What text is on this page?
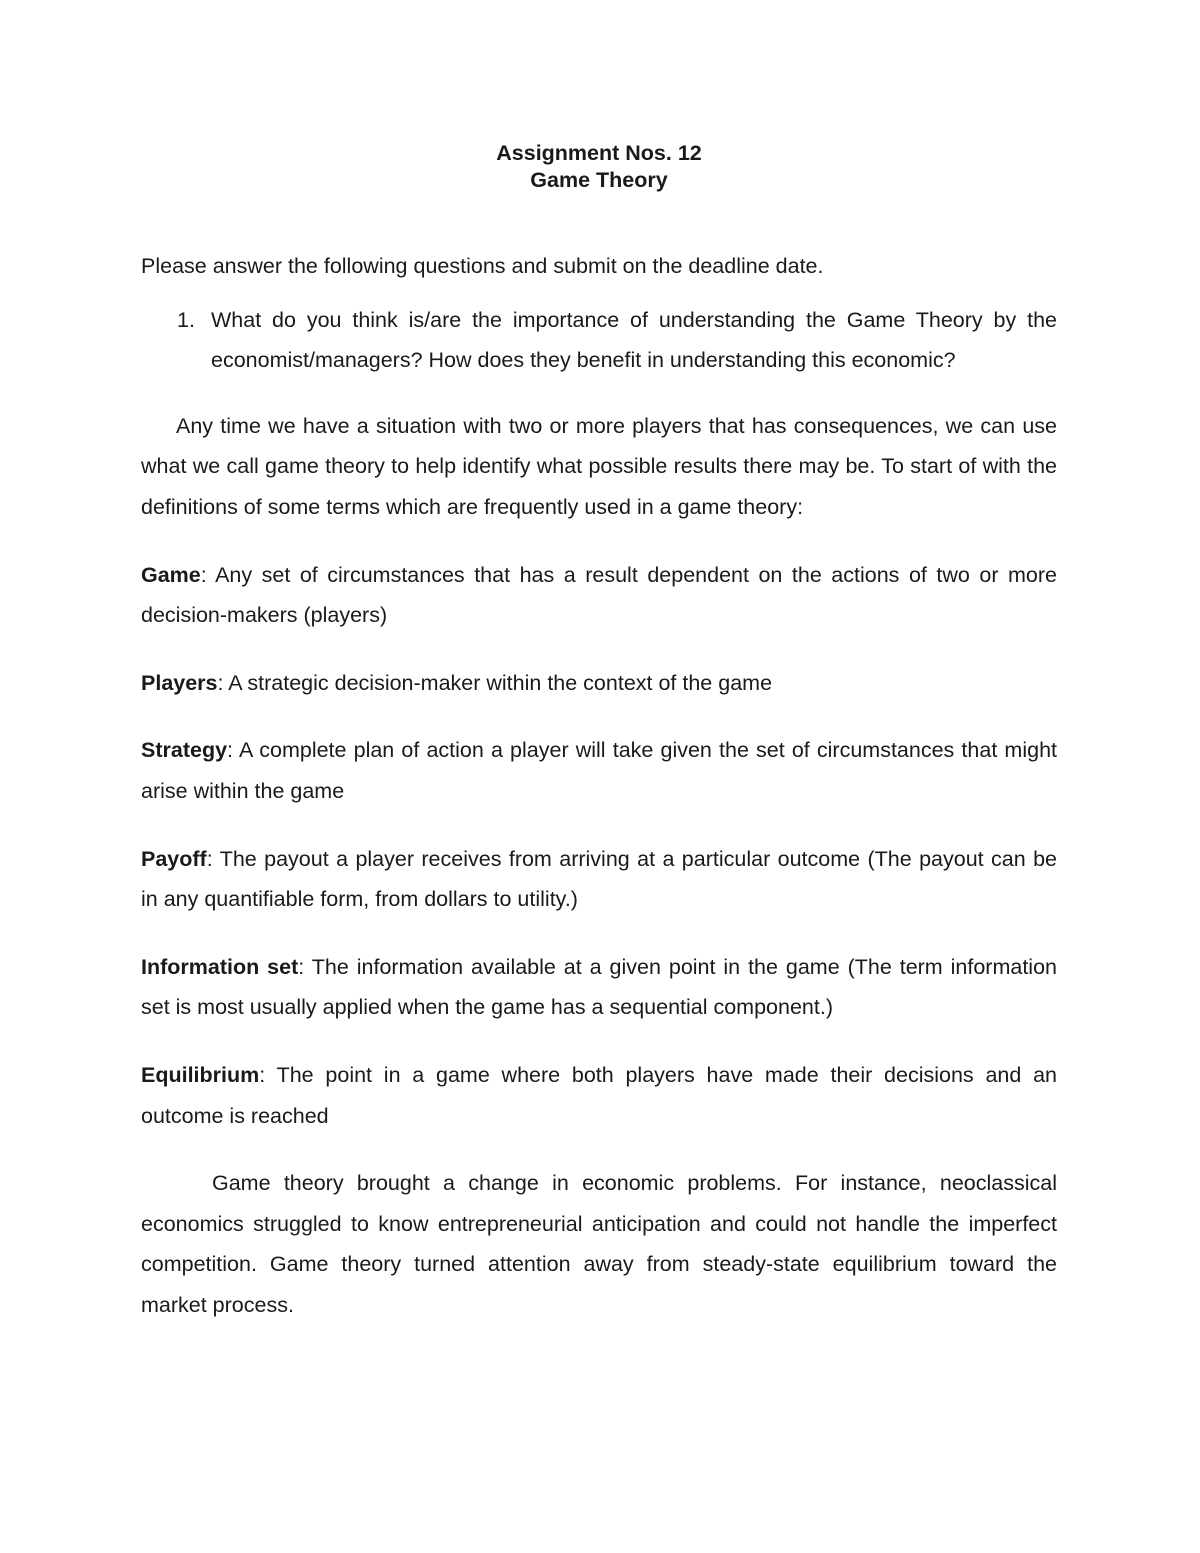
Assignment Nos. 12
Game Theory

Please answer the following questions and submit on the deadline date.

1. What do you think is/are the importance of understanding the Game Theory by the economist/managers? How does they benefit in understanding this economic?

Any time we have a situation with two or more players that has consequences, we can use what we call game theory to help identify what possible results there may be. To start of with the definitions of some terms which are frequently used in a game theory:

Game: Any set of circumstances that has a result dependent on the actions of two or more decision-makers (players)

Players: A strategic decision-maker within the context of the game

Strategy: A complete plan of action a player will take given the set of circumstances that might arise within the game

Payoff: The payout a player receives from arriving at a particular outcome (The payout can be in any quantifiable form, from dollars to utility.)

Information set: The information available at a given point in the game (The term information set is most usually applied when the game has a sequential component.)

Equilibrium: The point in a game where both players have made their decisions and an outcome is reached

Game theory brought a change in economic problems. For instance, neoclassical economics struggled to know entrepreneurial anticipation and could not handle the imperfect competition. Game theory turned attention away from steady-state equilibrium toward the market process.
